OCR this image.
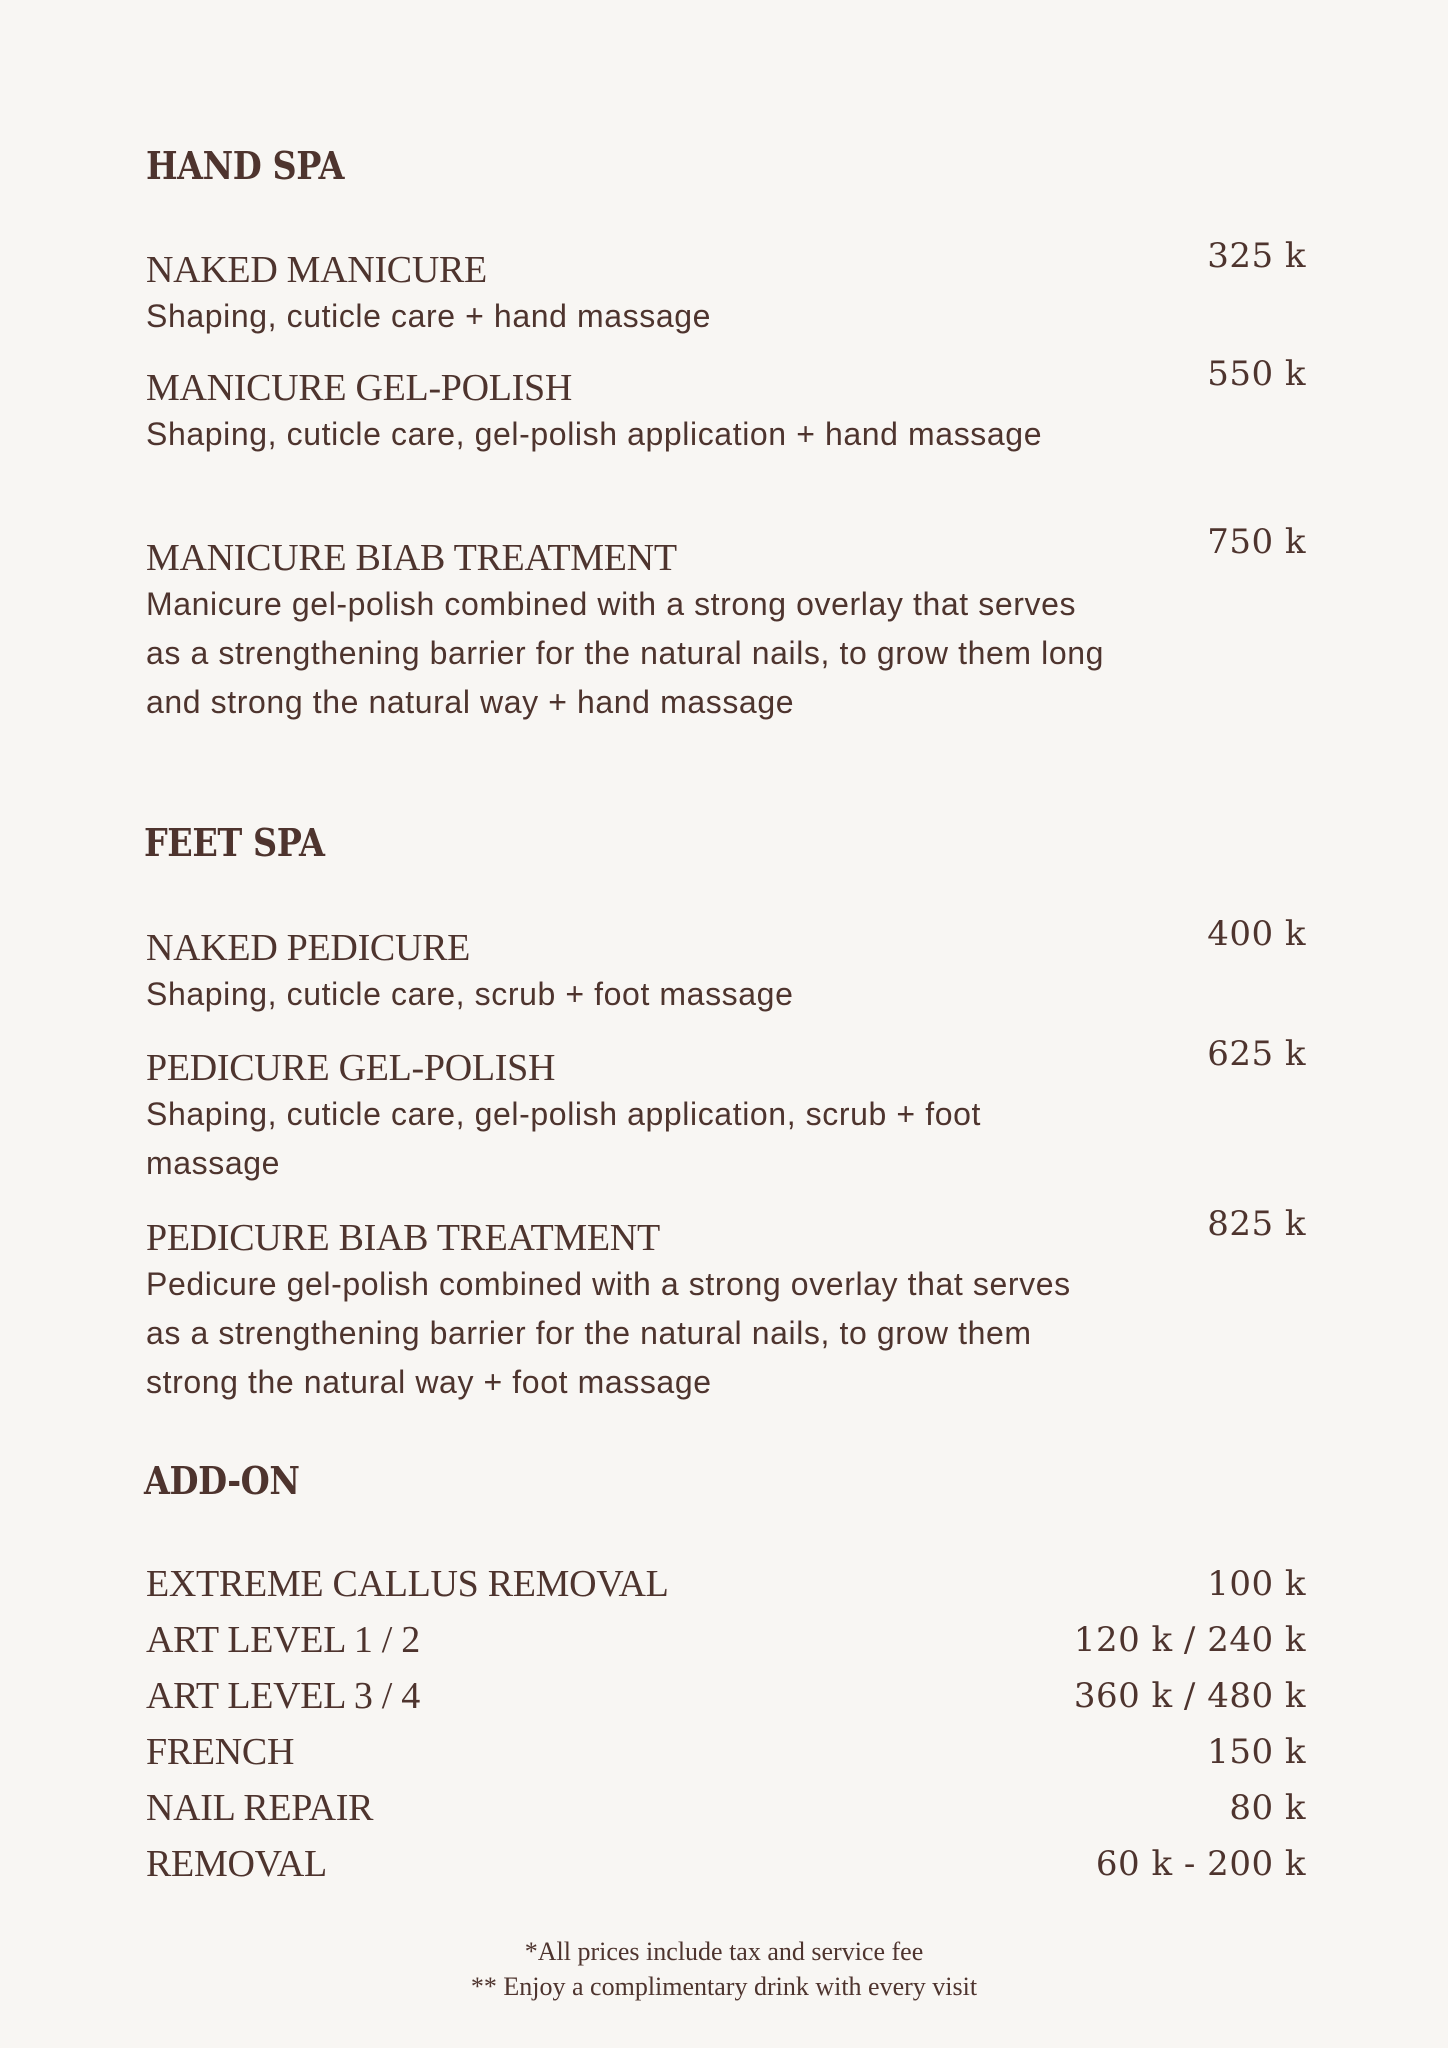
HAND SPA
NAKED MANICURE
Shaping, cuticle care + hand massage
325 k
MANICURE GEL-POLISH
Shaping, cuticle care, gel-polish application + hand massage
550 k
MANICURE BIAB TREATMENT
Manicure gel-polish combined with a strong overlay that serves as a strengthening barrier for the natural nails, to grow them long and strong the natural way + hand massage
750 k
FEET SPA
NAKED PEDICURE
Shaping, cuticle care, scrub + foot massage
400 k
PEDICURE GEL-POLISH
Shaping, cuticle care, gel-polish application, scrub + foot massage
625 k
PEDICURE BIAB TREATMENT
Pedicure gel-polish combined with a strong overlay that serves as a strengthening barrier for the natural nails, to grow them strong the natural way + foot massage
825 k
ADD-ON
EXTREME CALLUS REMOVAL	100 k
ART LEVEL 1 / 2	120 k / 240 k
ART LEVEL 3 / 4	360 k / 480 k
FRENCH	150 k
NAIL REPAIR	80 k
REMOVAL	60 k - 200 k
*All prices include tax and service fee
** Enjoy a complimentary drink with every visit
